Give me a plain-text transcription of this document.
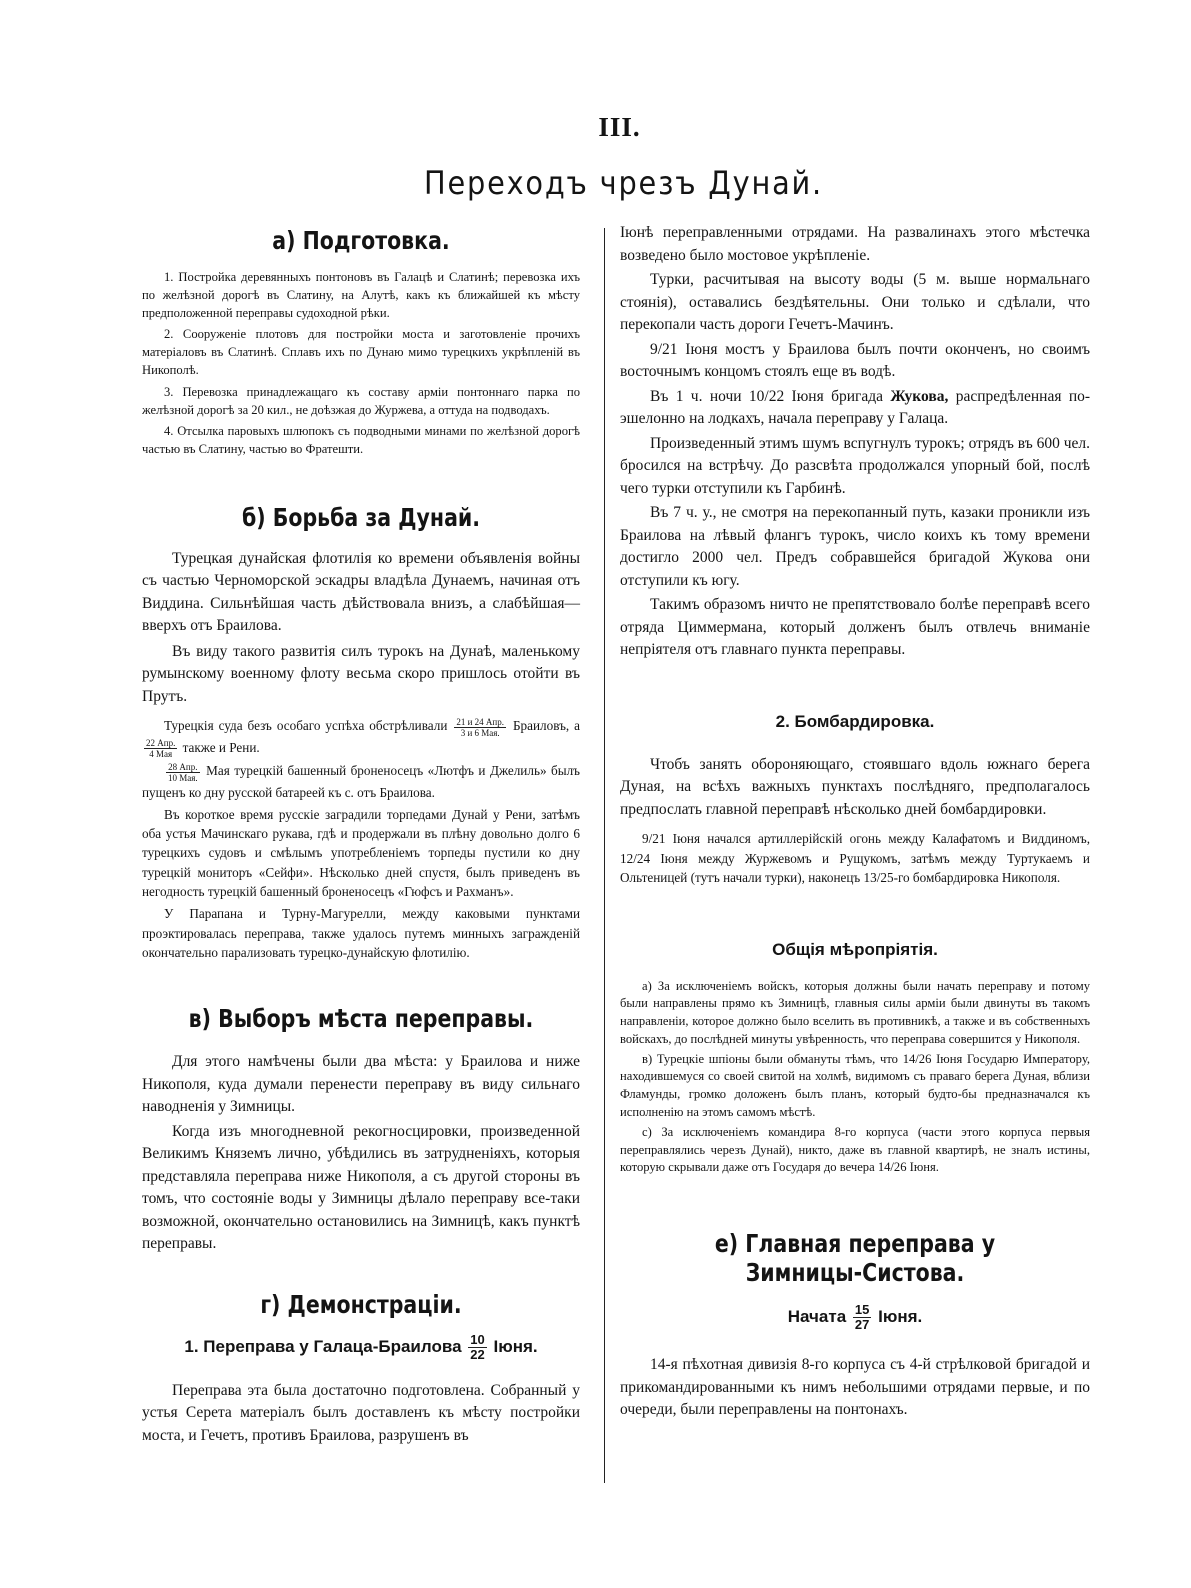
III.
Переходъ чрезъ Дунай.
а) Подготовка.

1. Постройка деревянныхъ понтоновъ въ Галацѣ и Слатинѣ; перевозка ихъ по желѣзной дорогѣ въ Слатину, на Алутѣ, какъ къ ближайшей къ мѣсту предположенной переправы судоходной рѣки.

2. Сооруженіе плотовъ для постройки моста и заготовленіе прочихъ матеріаловъ въ Слатинѣ. Сплавъ ихъ по Дунаю мимо турецкихъ укрѣпленій въ Никополѣ.

3. Перевозка принадлежащаго къ составу арміи понтоннаго парка по желѣзной дорогѣ за 20 кил., не доѣзжая до Журжева, а оттуда на подводахъ.

4. Отсылка паровыхъ шлюпокъ съ подводными минами по желѣзной дорогѣ частью въ Слатину, частью во Фратешти.

б) Борьба за Дунай.

Турецкая дунайская флотилія ко времени объявленія войны съ частью Черноморской эскадры владѣла Дунаемъ, начиная отъ Виддина. Сильнѣйшая часть дѣйствовала внизъ, а слабѣйшая—вверхъ отъ Браилова.

Въ виду такого развитія силъ турокъ на Дунаѣ, маленькому румынскому военному флоту весьма скоро пришлось отойти въ Прутъ.

Турецкія суда безъ особаго успѣха обстрѣливали $\frac{\text{21 и 24 Апр.}}{\text{3 и 6 Мая.}}$ Браиловъ, а
$\frac{\text{22 Апр.}}{\text{4 Мая}}$ также и Рени.

$\frac{\text{28 Апр.}}{\text{10 Мая.}}$ Мая турецкій башенный броненосецъ «Лютфъ и Джелиль» былъ пущенъ ко дну русской батареей къ с. отъ Браилова.

Въ короткое время русскіе заградили торпедами Дунай у Рени, затѣмъ оба устья Мачинскаго рукава, гдѣ и продержали въ плѣну довольно долго 6 турецкихъ судовъ и смѣлымъ употребленіемъ торпеды пустили ко дну турецкій мониторъ «Сейфи». Нѣсколько дней спустя, былъ приведенъ въ негодность турецкій башенный броненосецъ «Гюфсъ и Рахманъ».

У Парапана и Турну-Магурелли, между каковыми пунктами проэктировалась переправа, также удалось путемъ минныхъ загражденій окончательно парализовать турецко-дунайскую флотилію.

в) Выборъ мѣста переправы.

Для этого намѣчены были два мѣста: у Браилова и ниже Никополя, куда думали перенести переправу въ виду сильнаго наводненія у Зимницы.

Когда изъ многодневной рекогносцировки, произведенной Великимъ Княземъ лично, убѣдились въ затрудненіяхъ, которыя представляла переправа ниже Никополя, а съ другой стороны въ томъ, что состояніе воды у Зимницы дѣлало переправу все-таки возможной, окончательно остановились на Зимницѣ, какъ пунктѣ переправы.

г) Демонстраціи.
1. Переправа у Галаца-Браилова $\frac{10}{22}$ Іюня.

Переправа эта была достаточно подготовлена. Собранный у устья Серета матеріалъ былъ доставленъ къ мѣсту постройки моста, и Гечетъ, противъ Браилова, разрушенъ въ

Іюнѣ переправленными отрядами. На развалинахъ этого мѣстечка возведено было мостовое укрѣпленіе.

Турки, расчитывая на высоту воды (5 м. выше нормальнаго стоянія), оставались бездѣятельны. Они только и сдѣлали, что перекопали часть дороги Гечетъ-Мачинъ.

9/21 Іюня мостъ у Браилова былъ почти оконченъ, но своимъ восточнымъ концомъ стоялъ еще въ водѣ.

Въ 1 ч. ночи 10/22 Іюня бригада Жукова, распредѣленная по-эшелонно на лодкахъ, начала переправу у Галаца.

Произведенный этимъ шумъ вспугнулъ турокъ; отрядъ въ 600 чел. бросился на встрѣчу. До разсвѣта продолжался упорный бой, послѣ чего турки отступили къ Гарбинѣ.

Въ 7 ч. у., не смотря на перекопанный путь, казаки проникли изъ Браилова на лѣвый флангъ турокъ, число коихъ къ тому времени достигло 2000 чел. Предъ собравшейся бригадой Жукова они отступили къ югу.

Такимъ образомъ ничто не препятствовало болѣе переправѣ всего отряда Циммермана, который долженъ былъ отвлечь вниманіе непріятеля отъ главнаго пункта переправы.

2. Бомбардировка.

Чтобъ занять обороняющаго, стоявшаго вдоль южнаго берега Дуная, на всѣхъ важныхъ пунктахъ послѣдняго, предполагалось предпослать главной переправѣ нѣсколько дней бомбардировки.

9/21 Іюня начался артиллерійскій огонь между Калафатомъ и Виддиномъ, 12/24 Іюня между Журжевомъ и Рущукомъ, затѣмъ между Туртукаемъ и Ольтеницей (тутъ начали турки), наконецъ 13/25-го бомбардировка Никополя.

Общія мѣропріятія.

а) За исключеніемъ войскъ, которыя должны были начать переправу и потому были направлены прямо къ Зимницѣ, главныя силы арміи были двинуты въ такомъ направленіи, которое должно было вселить въ противникѣ, а также и въ собственныхъ войскахъ, до послѣдней минуты увѣренность, что переправа совершится у Никополя.

в) Турецкіе шпіоны были обмануты тѣмъ, что 14/26 Іюня Государю Императору, находившемуся со своей свитой на холмѣ, видимомъ съ праваго берега Дуная, вблизи Фламунды, громко доложенъ былъ планъ, который будто-бы предназначался къ исполненію на этомъ самомъ мѣстѣ.

с) За исключеніемъ командира 8-го корпуса (части этого корпуса первыя переправлялись черезъ Дунай), никто, даже въ главной квартирѣ, не зналъ истины, которую скрывали даже отъ Государя до вечера 14/26 Іюня.

е) Главная переправа у Зимницы-Систова.
Начата $\frac{15}{27}$ Іюня.

14-я пѣхотная дивизія 8-го корпуса съ 4-й стрѣлковой бригадой и прикомандированными къ нимъ небольшими отрядами первые, и по очереди, были переправлены на понтонахъ.
